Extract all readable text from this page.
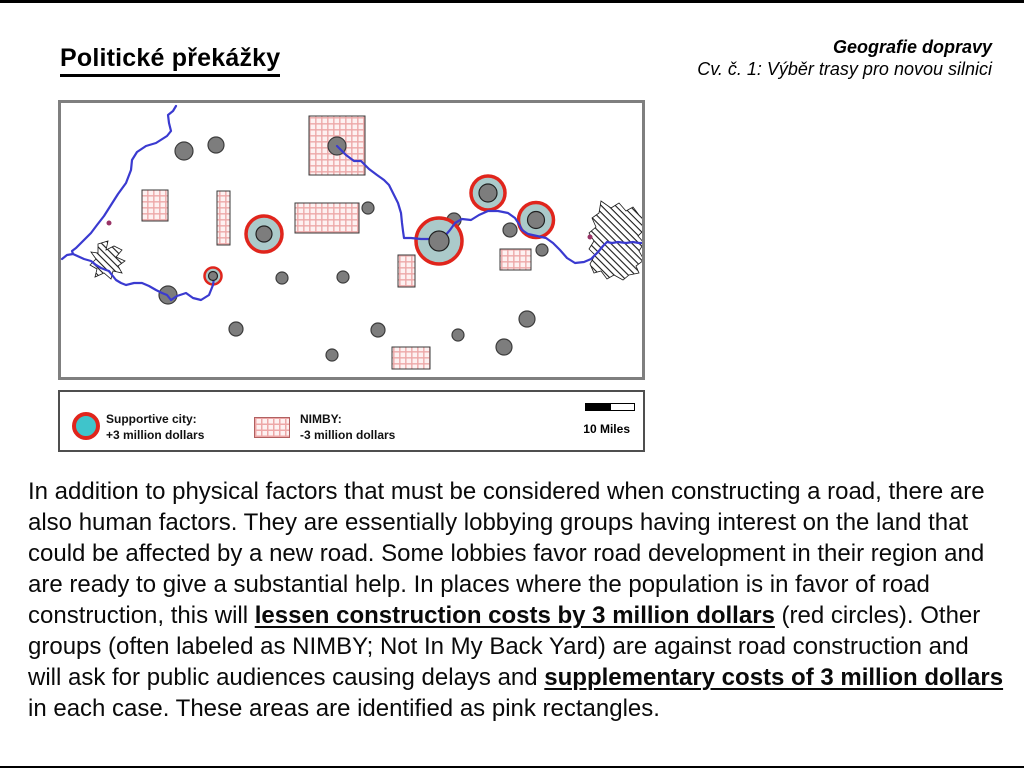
Politické překážky	Geografie dopravy
Cv. č. 1: Výběr trasy pro novou silnici
Supportive city:
+3 million dollars
NIMBY:
-3 million dollars	10 Miles

In addition to physical factors that must be considered when constructing a road, there are also human factors. They are essentially lobbying groups having interest on the land that could be affected by a new road. Some lobbies favor road development in their region and are ready to give a substantial help. In places where the population is in favor of road construction, this will lessen construction costs by 3 million dollars (red circles). Other groups (often labeled as NIMBY; Not In My Back Yard) are against road construction and will ask for public audiences causing delays and supplementary costs of 3 million dollars in each case. These areas are identified as pink rectangles.
